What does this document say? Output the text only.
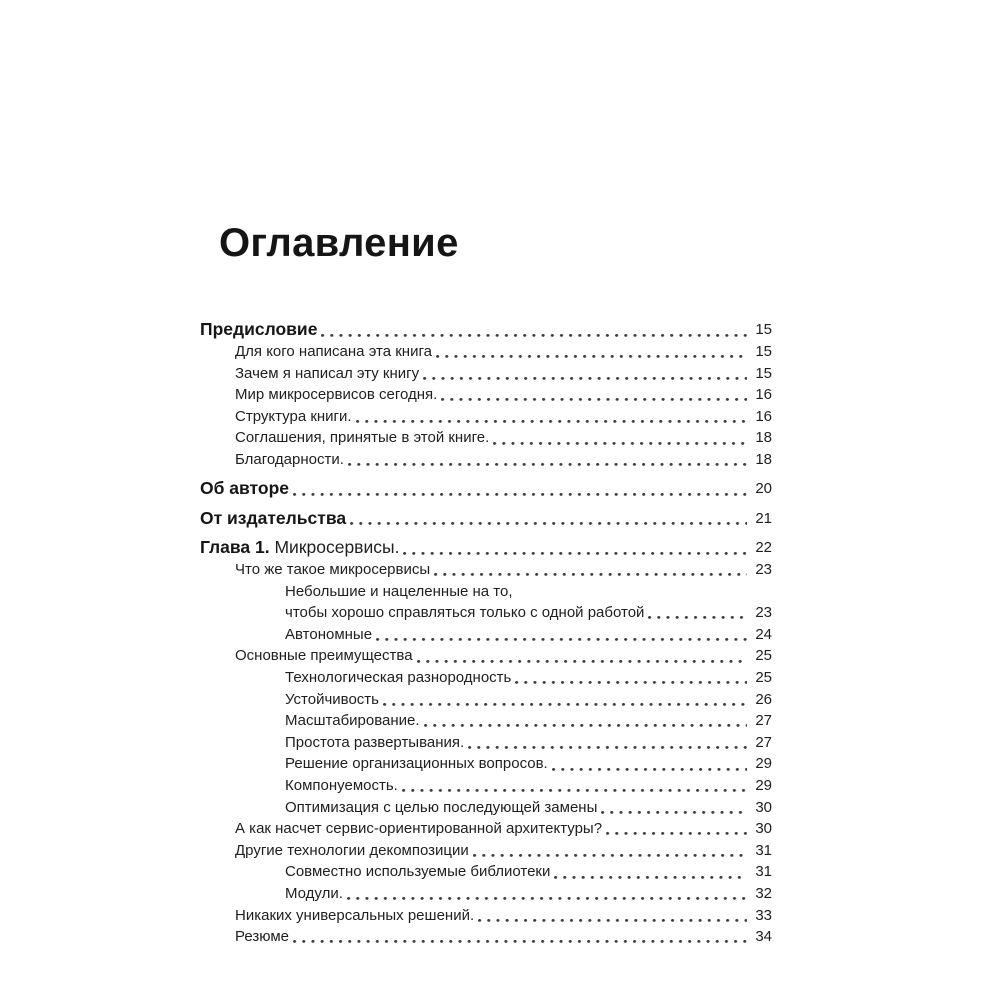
Оглавление
Предисловие	15
Для кого написана эта книга	15
Зачем я написал эту книгу	15
Мир микросервисов сегодня.	16
Структура книги.	16
Соглашения, принятые в этой книге.	18
Благодарности.	18
Об авторе	20
От издательства	21
Глава 1. Микросервисы.	22
Что же такое микросервисы	23
Небольшие и нацеленные на то,
чтобы хорошо справляться только с одной работой	23
Автономные	24
Основные преимущества	25
Технологическая разнородность	25
Устойчивость	26
Масштабирование.	27
Простота развертывания.	27
Решение организационных вопросов.	29
Компонуемость.	29
Оптимизация с целью последующей замены	30
А как насчет сервис-ориентированной архитектуры?	30
Другие технологии декомпозиции	31
Совместно используемые библиотеки	31
Модули.	32
Никаких универсальных решений.	33
Резюме	34
